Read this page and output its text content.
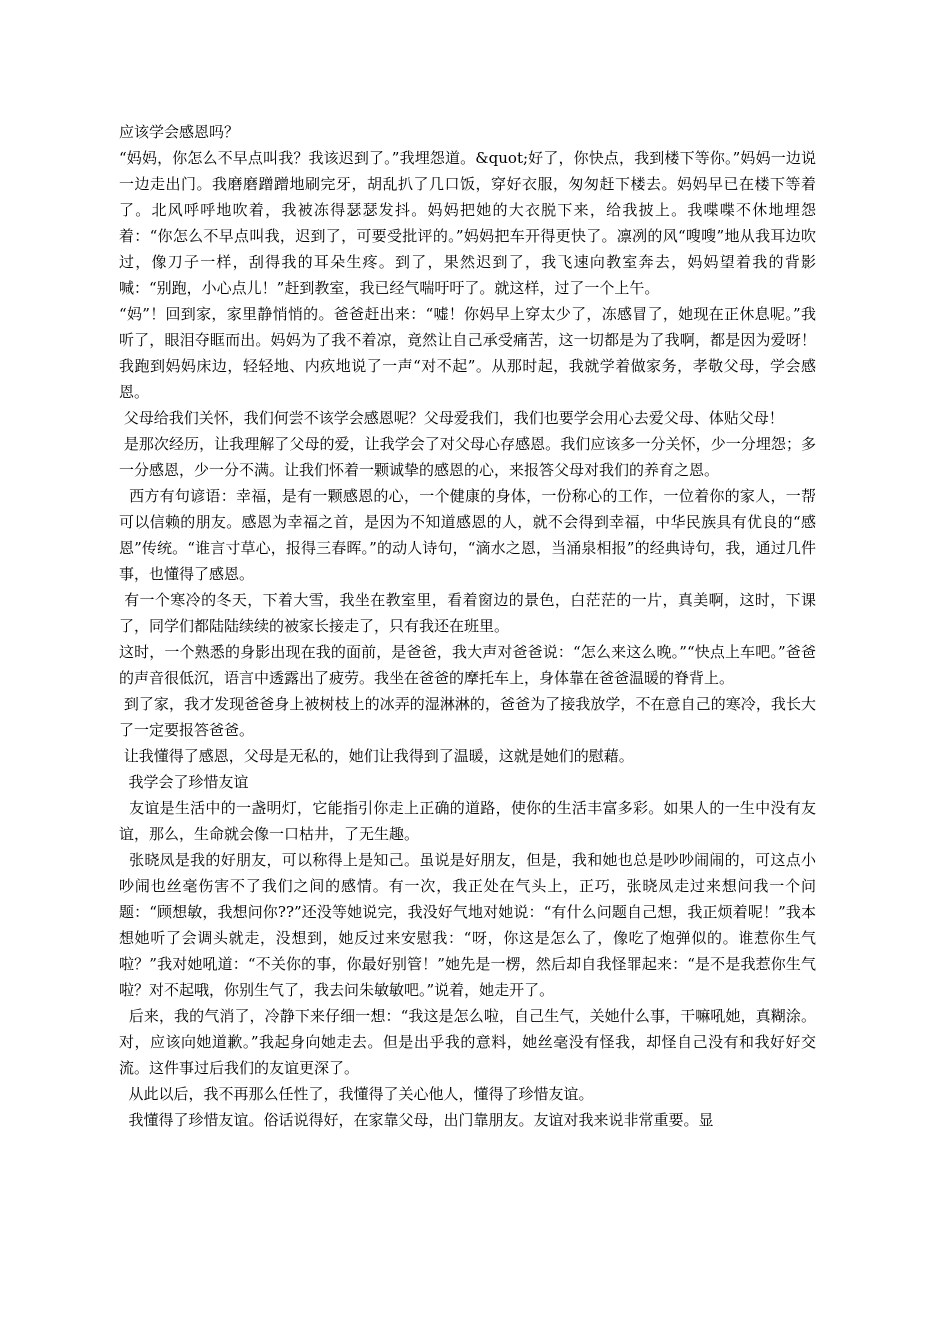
应该学会感恩吗？

“妈妈，你怎么不早点叫我？我该迟到了。”我埋怨道。&quot;好了，你快点，我到楼下等你。”妈妈一边说一边走出门。我磨磨蹭蹭地刷完牙，胡乱扒了几口饭，穿好衣服，匆匆赶下楼去。妈妈早已在楼下等着了。北风呼呼地吹着，我被冻得瑟瑟发抖。妈妈把她的大衣脱下来，给我披上。我喋喋不休地埋怨着：“你怎么不早点叫我，迟到了，可要受批评的。”妈妈把车开得更快了。凛冽的风“嗖嗖”地从我耳边吹过，像刀子一样，刮得我的耳朵生疼。到了，果然迟到了，我飞速向教室奔去，妈妈望着我的背影喊：“别跑，小心点儿！”赶到教室，我已经气喘吁吁了。就这样，过了一个上午。

“妈”！回到家，家里静悄悄的。爸爸赶出来：“嘘！你妈早上穿太少了，冻感冒了，她现在正休息呢。”我听了，眼泪夺眶而出。妈妈为了我不着凉，竟然让自己承受痛苦，这一切都是为了我啊，都是因为爱呀！我跑到妈妈床边，轻轻地、内疚地说了一声“对不起”。从那时起，我就学着做家务，孝敬父母，学会感恩。

父母给我们关怀，我们何尝不该学会感恩呢？父母爱我们，我们也要学会用心去爱父母、体贴父母！

是那次经历，让我理解了父母的爱，让我学会了对父母心存感恩。我们应该多一分关怀，少一分埋怨；多一分感恩，少一分不满。让我们怀着一颗诚挚的感恩的心，来报答父母对我们的养育之恩。

西方有句谚语：幸福，是有一颗感恩的心，一个健康的身体，一份称心的工作，一位着你的家人，一帮可以信赖的朋友。感恩为幸福之首，是因为不知道感恩的人，就不会得到幸福，中华民族具有优良的“感恩”传统。“谁言寸草心，报得三春晖。”的动人诗句，“滴水之恩，当涌泉相报”的经典诗句，我，通过几件事，也懂得了感恩。

有一个寒冷的冬天，下着大雪，我坐在教室里，看着窗边的景色，白茫茫的一片，真美啊，这时，下课了，同学们都陆陆续续的被家长接走了，只有我还在班里。

这时，一个熟悉的身影出现在我的面前，是爸爸，我大声对爸爸说：“怎么来这么晚。”“快点上车吧。”爸爸的声音很低沉，语言中透露出了疲劳。我坐在爸爸的摩托车上，身体靠在爸爸温暖的脊背上。

到了家，我才发现爸爸身上被树枝上的冰弄的湿淋淋的，爸爸为了接我放学，不在意自己的寒冷，我长大了一定要报答爸爸。

让我懂得了感恩，父母是无私的，她们让我得到了温暖，这就是她们的慰藉。

我学会了珍惜友谊

友谊是生活中的一盏明灯，它能指引你走上正确的道路，使你的生活丰富多彩。如果人的一生中没有友谊，那么，生命就会像一口枯井，了无生趣。

张晓凤是我的好朋友，可以称得上是知己。虽说是好朋友，但是，我和她也总是吵吵闹闹的，可这点小吵闹也丝毫伤害不了我们之间的感情。有一次，我正处在气头上，正巧，张晓凤走过来想问我一个问题：“顾想敏，我想问你??”还没等她说完，我没好气地对她说：“有什么问题自己想，我正烦着呢！”我本想她听了会调头就走，没想到，她反过来安慰我：“呀，你这是怎么了，像吃了炮弹似的。谁惹你生气啦？”我对她吼道：“不关你的事，你最好别管！”她先是一楞，然后却自我怪罪起来：“是不是我惹你生气啦？对不起哦，你别生气了，我去问朱敏敏吧。”说着，她走开了。

后来，我的气消了，冷静下来仔细一想：“我这是怎么啦，自己生气，关她什么事，干嘛吼她，真糊涂。对，应该向她道歉。”我起身向她走去。但是出乎我的意料，她丝毫没有怪我，却怪自己没有和我好好交流。这件事过后我们的友谊更深了。

从此以后，我不再那么任性了，我懂得了关心他人，懂得了珍惜友谊。

我懂得了珍惜友谊。俗话说得好，在家靠父母，出门靠朋友。友谊对我来说非常重要。显
